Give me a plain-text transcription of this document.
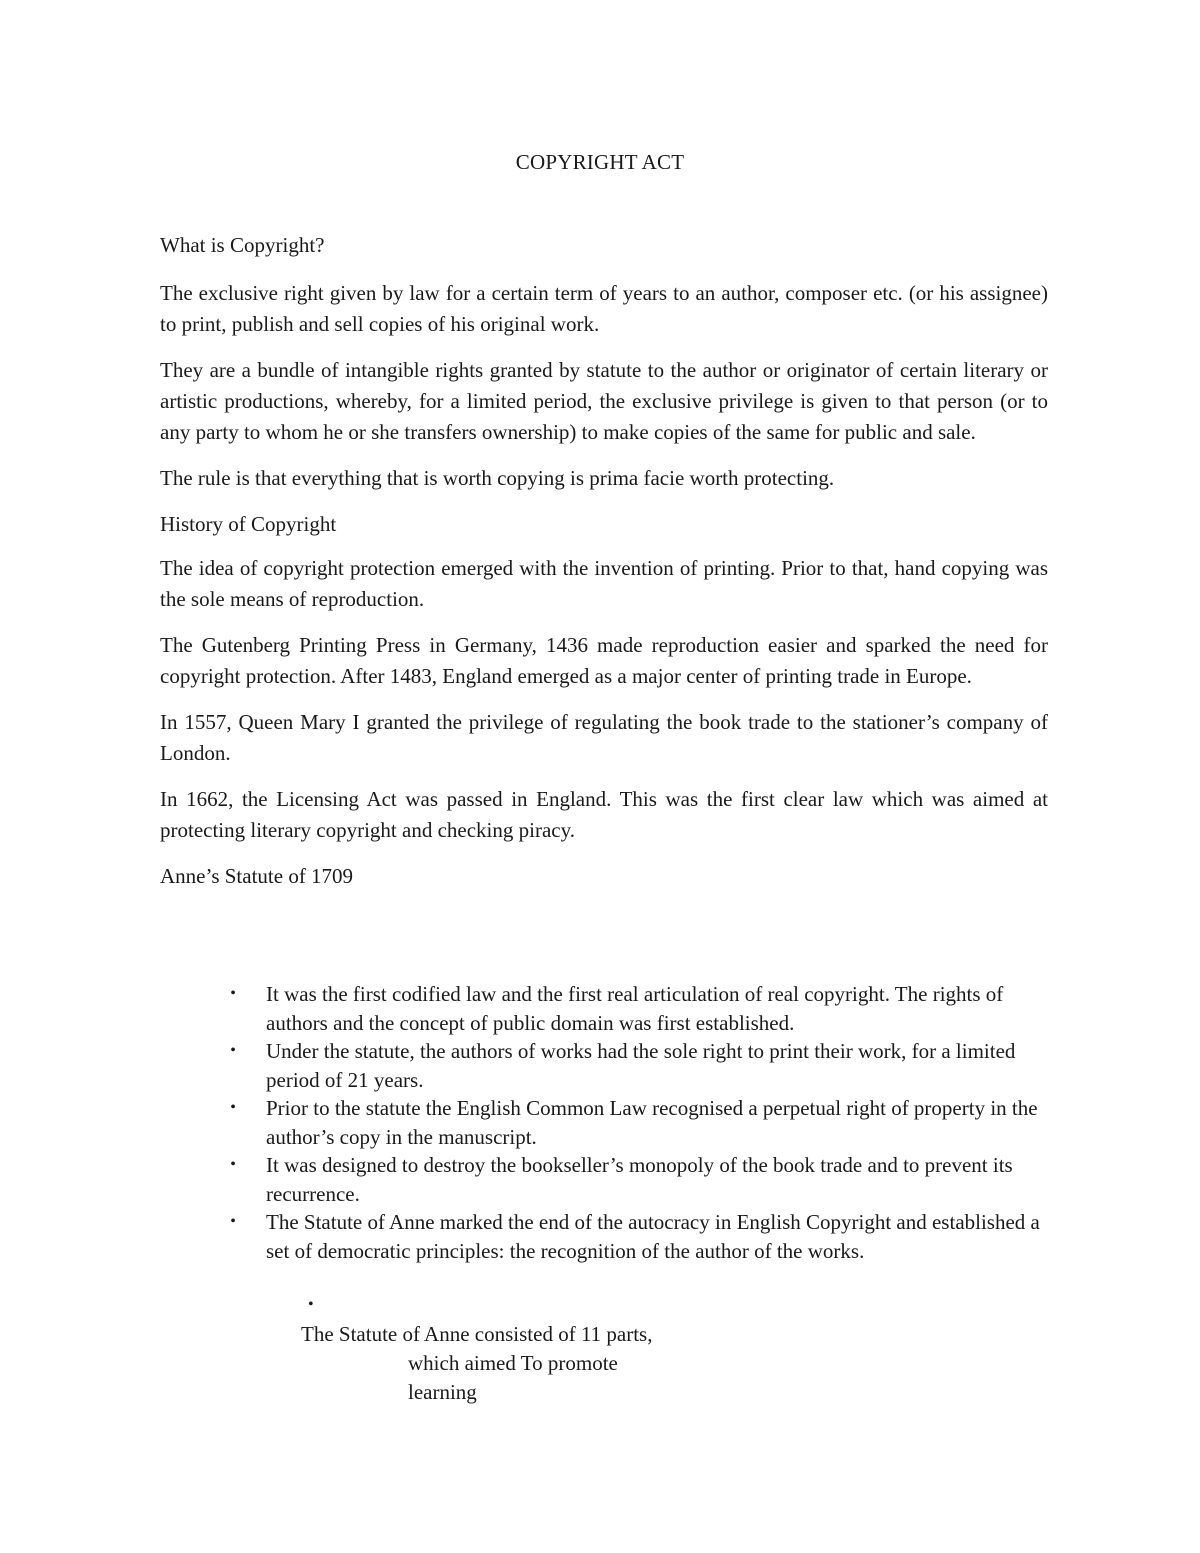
COPYRIGHT ACT

What is Copyright?

The exclusive right given by law for a certain term of years to an author, composer etc. (or his assignee) to print, publish and sell copies of his original work.

They are a bundle of intangible rights granted by statute to the author or originator of certain literary or artistic productions, whereby, for a limited period, the exclusive privilege is given to that person (or to any party to whom he or she transfers ownership) to make copies of the same for public and sale.

The rule is that everything that is worth copying is prima facie worth protecting.

History of Copyright

The idea of copyright protection emerged with the invention of printing. Prior to that, hand copying was the sole means of reproduction.

The Gutenberg Printing Press in Germany, 1436 made reproduction easier and sparked the need for copyright protection. After 1483, England emerged as a major center of printing trade in Europe.

In 1557, Queen Mary I granted the privilege of regulating the book trade to the stationer’s company of London.

In 1662, the Licensing Act was passed in England. This was the first clear law which was aimed at protecting literary copyright and checking piracy.

Anne’s Statute of 1709

• It was the first codified law and the first real articulation of real copyright. The rights of authors and the concept of public domain was first established.
• Under the statute, the authors of works had the sole right to print their work, for a limited period of 21 years.
• Prior to the statute the English Common Law recognised a perpetual right of property in the author’s copy in the manuscript.
• It was designed to destroy the bookseller’s monopoly of the book trade and to prevent its recurrence.
• The Statute of Anne marked the end of the autocracy in English Copyright and established a set of democratic principles: the recognition of the author of the works.
•
The Statute of Anne consisted of 11 parts,
which aimed To promote
learning
